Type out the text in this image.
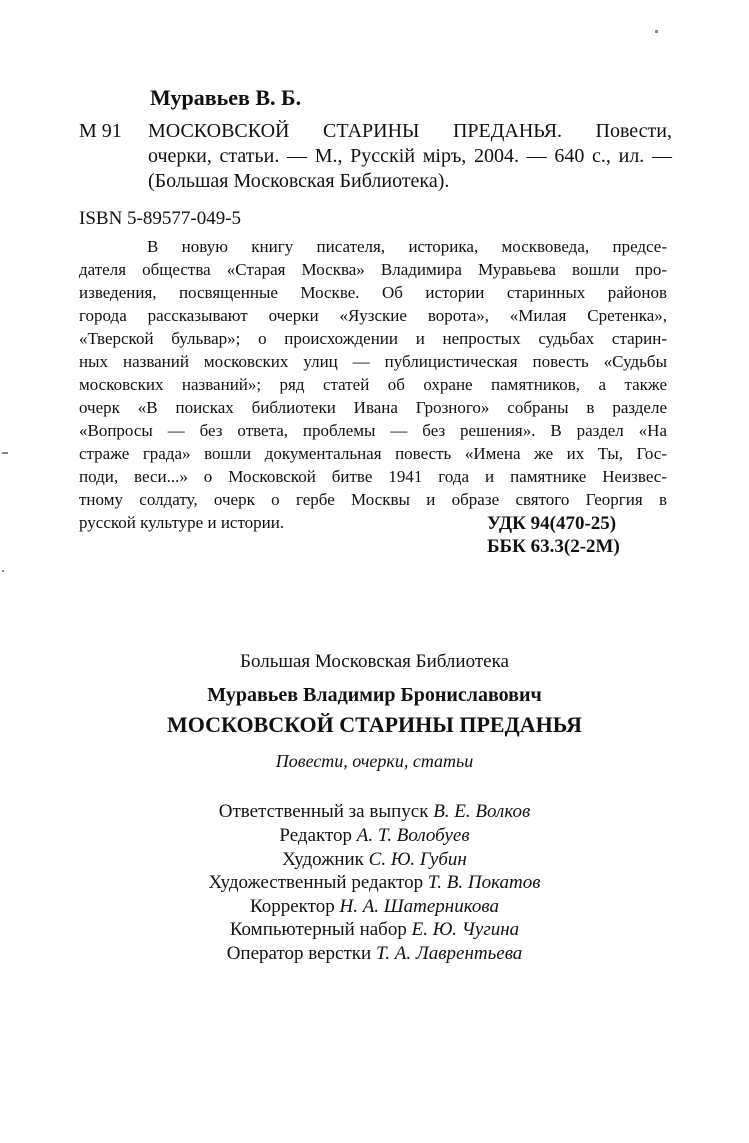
Муравьев В. Б.
М 91 МОСКОВСКОЙ СТАРИНЫ ПРЕДАНЬЯ. Повести,
очерки, статьи. — М., Русскiй мiръ, 2004. — 640 с., ил. —
(Большая Московская Библиотека).
ISBN 5-89577-049-5
В новую книгу писателя, историка, москвоведа, предсе-
дателя общества «Старая Москва» Владимира Муравьева вошли про-
изведения, посвященные Москве. Об истории старинных районов
города рассказывают очерки «Яузские ворота», «Милая Сретенка»,
«Тверской бульвар»; о происхождении и непростых судьбах старин-
ных названий московских улиц — публицистическая повесть «Судьбы
московских названий»; ряд статей об охране памятников, а также
очерк «В поисках библиотеки Ивана Грозного» собраны в разделе
«Вопросы — без ответа, проблемы — без решения». В раздел «На
страже града» вошли документальная повесть «Имена же их Ты, Гос-
поди, веси...» о Московской битве 1941 года и памятнике Неизвес-
тному солдату, очерк о гербе Москвы и образе святого Георгия в
русской культуре и истории.	УДК 94(470-25)
ББК 63.3(2-2М)
Большая Московская Библиотека
Муравьев Владимир Брониславович
МОСКОВСКОЙ СТАРИНЫ ПРЕДАНЬЯ
Повести, очерки, статьи
Ответственный за выпуск В. Е. Волков
Редактор А. Т. Волобуев
Художник С. Ю. Губин
Художественный редактор Т. В. Покатов
Корректор Н. А. Шатерникова
Компьютерный набор Е. Ю. Чугина
Оператор верстки Т. А. Лаврентьева
